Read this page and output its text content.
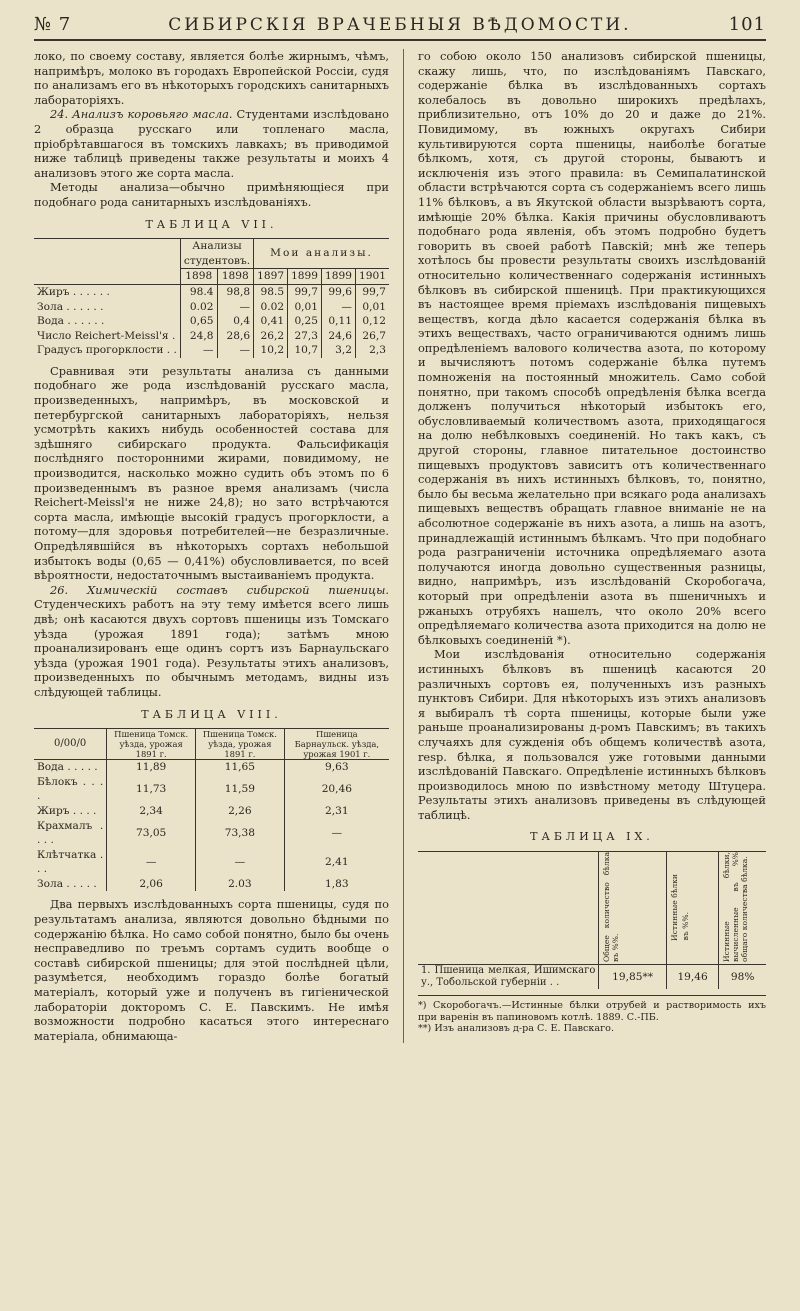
№ 7	СИБИРСКІЯ ВРАЧЕБНЫЯ ВѢДОМОСТИ.	101

локо, по своему составу, является болѣе жирнымъ, чѣмъ, напримѣръ, молоко въ городахъ Европейской Россіи, судя по анализамъ его въ нѣкоторыхъ городскихъ санитарныхъ лабораторіяхъ.

24. Анализъ коровьяго масла. Студентами изслѣдовано 2 образца русскаго или топленаго масла, пріобрѣтавшагося въ томскихъ лавкахъ; въ приводимой ниже таблицѣ приведены также результаты и моихъ 4 анализовъ этого же сорта масла.

Методы анализа—обычно примѣняющіеся при подобнаго рода санитарныхъ изслѣдованіяхъ.

ТАБЛИЦА VII.
	Анализы студентовъ.		Мои анализы.			
	1898	1898	1897	1899	1899	1901
Жиръ . . . . . .	98.4	98,8	98.5	99,7	99,6	99,7
Зола . . . . . .	0.02	—	0.02	0,01	—	0,01
Вода . . . . . .	0,65	0,4	0,41	0,25	0,11	0,12
Число Reichert-Meissl'я .	24,8	28,6	26,2	27,3	24,6	26,7
Градусъ прогорклости . .	—	—	10,2	10,7	3,2	2,3

Сравнивая эти результаты анализа съ данными подобнаго же рода изслѣдованій русскаго масла, произведенныхъ, напримѣръ, въ московской и петербургской санитарныхъ лабораторіяхъ, нельзя усмотрѣть какихъ нибудь особенностей состава для здѣшняго сибирскаго продукта. Фальсификація послѣдняго посторонними жирами, повидимому, не производится, насколько можно судить объ этомъ по 6 произведеннымъ въ разное время анализамъ (числа Reichert-Meissl'я не ниже 24,8); но зато встрѣчаются сорта масла, имѣющіе высокій градусъ прогорклости, а потому—для здоровья потребителей—не безразличные. Опредѣлявшійся въ нѣкоторыхъ сортахъ небольшой избытокъ воды (0,65 — 0,41%) обусловливается, по всей вѣроятности, недостаточнымъ выстаиваніемъ продукта.

26. Химическій составъ сибирской пшеницы. Студенческихъ работъ на эту тему имѣется всего лишь двѣ; онѣ касаются двухъ сортовъ пшеницы изъ Томскаго уѣзда (урожая 1891 года); затѣмъ мною проанализированъ еще одинъ сортъ изъ Барнаульскаго уѣзда (урожая 1901 года). Результаты этихъ анализовъ, произведенныхъ по обычнымъ методамъ, видны изъ слѣдующей таблицы.

ТАБЛИЦА VIII.
0/00/0	Пшеница Томск. уѣзда, урожая 1891 г.	Пшеница Томск. уѣзда, урожая 1891 г.	Пшеница Барнаульск. уѣзда, урожая 1901 г.
Вода . . . . .	11,89	11,65	9,63
Бѣлокъ . . . .	11,73	11,59	20,46
Жиръ . . . .	2,34	2,26	2,31
Крахмалъ . . . .	73,05	73,38	—
Клѣтчатка . . .	—	—	2,41
Зола . . . . .	2,06	2.03	1,83

Два первыхъ изслѣдованныхъ сорта пшеницы, судя по результатамъ анализа, являются довольно бѣдными по содержанію бѣлка. Но само собой понятно, было бы очень несправедливо по треъмъ сортамъ судить вообще о составѣ сибирской пшеницы; для этой послѣдней цѣли, разумѣется, необходимъ гораздо болѣе богатый матеріалъ, который уже и полученъ въ гигіенической лабораторіи докторомъ С. Е. Павскимъ. Не имѣя возможности подробно касаться этого интереснаго матеріала, обнимающа-

го собою около 150 анализовъ сибирской пшеницы, скажу лишь, что, по изслѣдованіямъ Павскаго, содержаніе бѣлка въ изслѣдованныхъ сортахъ колебалось въ довольно широкихъ предѣлахъ, приблизительно, отъ 10% до 20 и даже до 21%. Повидимому, въ южныхъ округахъ Сибири культивируются сорта пшеницы, наиболѣе богатые бѣлкомъ, хотя, съ другой стороны, бываютъ и исключенія изъ этого правила: въ Семипалатинской области встрѣчаются сорта съ содержаніемъ всего лишь 11% бѣлковъ, а въ Якутской области вызрѣваютъ сорта, имѣющіе 20% бѣлка. Какія причины обусловливаютъ подобнаго рода явленія, объ этомъ подробно будетъ говорить въ своей работѣ Павскій; мнѣ же теперь хотѣлось бы провести результаты своихъ изслѣдованій относительно количественнаго содержанія истинныхъ бѣлковъ въ сибирской пшеницѣ. При практикующихся въ настоящее время пріемахъ изслѣдованія пищевыхъ веществъ, когда дѣло касается содержанія бѣлка въ этихъ веществахъ, часто ограничиваются однимъ лишь опредѣленіемъ валового количества азота, по которому и вычисляютъ потомъ содержаніе бѣлка путемъ помноженія на постоянный множитель. Само собой понятно, при такомъ способѣ опредѣленія бѣлка всегда долженъ получиться нѣкоторый избытокъ его, обусловливаемый количествомъ азота, приходящагося на долю небѣлковыхъ соединеній. Но такъ какъ, съ другой стороны, главное питательное достоинство пищевыхъ продуктовъ зависитъ отъ количественнаго содержанія въ нихъ истинныхъ бѣлковъ, то, понятно, было бы весьма желательно при всякаго рода анализахъ пищевыхъ веществъ обращать главное вниманіе не на абсолютное содержаніе въ нихъ азота, а лишь на азотъ, принадлежащій истиннымъ бѣлкамъ. Что при подобнаго рода разграниченіи источника опредѣляемаго азота получаются иногда довольно существенныя разницы, видно, напримѣръ, изъ изслѣдованій Скоробогача, который при опредѣленіи азота въ пшеничныхъ и ржаныхъ отрубяхъ нашелъ, что около 20% всего опредѣляемаго количества азота приходится на долю не бѣлковыхъ соединеній *).

Мои изслѣдованія относительно содержанія истинныхъ бѣлковъ въ пшеницѣ касаются 20 различныхъ сортовъ ея, полученныхъ изъ разныхъ пунктовъ Сибири. Для нѣкоторыхъ изъ этихъ анализовъ я выбиралъ тѣ сорта пшеницы, которые были уже раньше проанализированы д-ромъ Павскимъ; въ такихъ случаяхъ для сужденія объ общемъ количествѣ азота, resp. бѣлка, я пользовался уже готовыми данными изслѣдованій Павскаго. Опредѣленіе истинныхъ бѣлковъ производилось мною по извѣстному методу Штуцера. Результаты этихъ анализовъ приведены въ слѣдующей таблицѣ.

ТАБЛИЦА IX.
	Общее количество бѣлка въ %%.	Истинные бѣлки въ %%.	Истинные бѣлки, вычисленные въ %% общаго количества бѣлка.
1. Пшеница мелкая, Ишимскаго у., Тобольской губерніи . .	19,85**	19,46	98%
*) Скоробогачъ.—Истинные бѣлки отрубей и растворимость ихъ при варенін въ папиновомъ котлѣ. 1889. С.-ПБ.
**) Изъ анализовъ д-ра С. Е. Павскаго.
